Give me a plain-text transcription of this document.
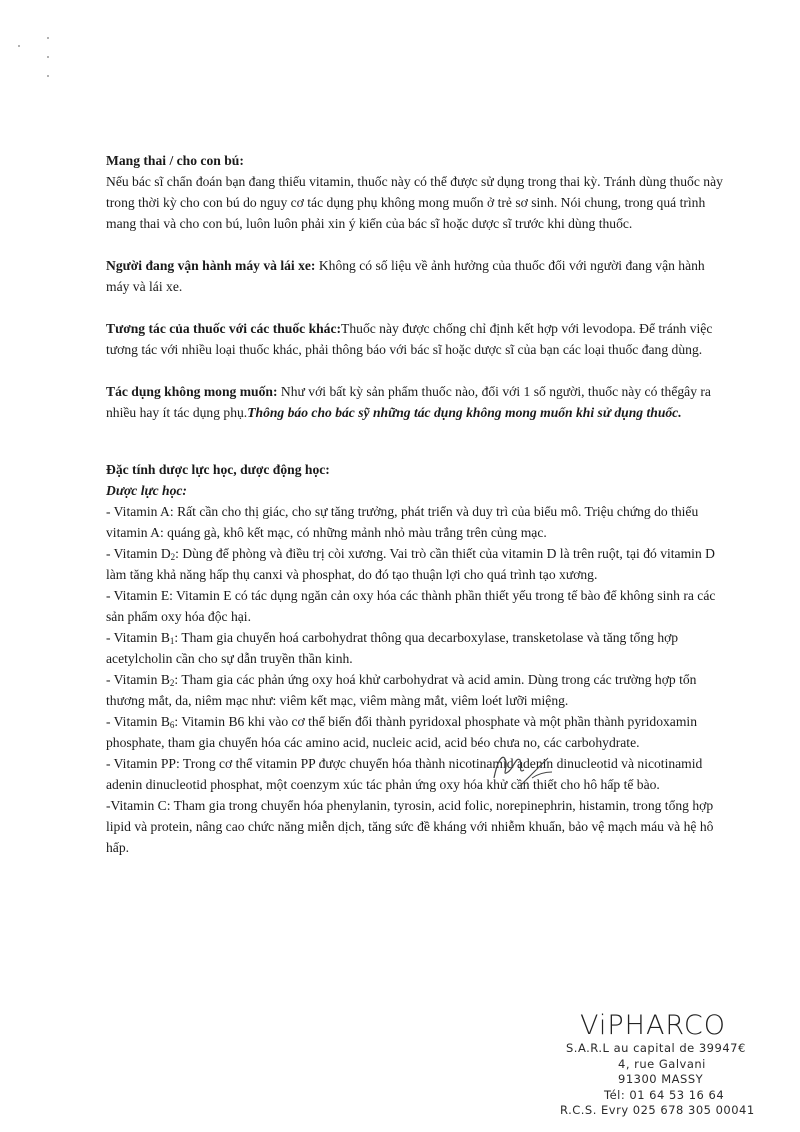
Mang thai / cho con bú:

Nếu bác sĩ chẩn đoán bạn đang thiếu vitamin, thuốc này có thể được sử dụng trong thai kỳ. Tránh dùng thuốc này trong thời kỳ cho con bú do nguy cơ tác dụng phụ không mong muốn ở trẻ sơ sinh. Nói chung, trong quá trình mang thai và cho con bú, luôn luôn phải xin ý kiến của bác sĩ hoặc dược sĩ trước khi dùng thuốc.

Người đang vận hành máy và lái xe: Không có số liệu về ảnh hưởng của thuốc đối với người đang vận hành máy và lái xe.

Tương tác của thuốc với các thuốc khác:Thuốc này được chống chỉ định kết hợp với levodopa. Để tránh việc tương tác với nhiều loại thuốc khác, phải thông báo với bác sĩ hoặc dược sĩ của bạn các loại thuốc đang dùng.

Tác dụng không mong muốn: Như với bất kỳ sản phẩm thuốc nào, đối với 1 số người, thuốc này có thểgây ra nhiều hay ít tác dụng phụ.Thông báo cho bác sỹ những tác dụng không mong muốn khi sử dụng thuốc.

Đặc tính dược lực học, dược động học:

Dược lực học:

- Vitamin A: Rất cần cho thị giác, cho sự tăng trưởng, phát triển và duy trì của biểu mô. Triệu chứng do thiếu vitamin A: quáng gà, khô kết mạc, có những mảnh nhỏ màu trắng trên củng mạc.

- Vitamin $D_2$: Dùng để phòng và điều trị còi xương. Vai trò cần thiết của vitamin D là trên ruột, tại đó vitamin D làm tăng khả năng hấp thụ canxi và phosphat, do đó tạo thuận lợi cho quá trình tạo xương.

- Vitamin E: Vitamin E có tác dụng ngăn cản oxy hóa các thành phần thiết yếu trong tế bào để không sinh ra các sản phẩm oxy hóa độc hại.

- Vitamin $B_1$: Tham gia chuyển hoá carbohydrat thông qua decarboxylase, transketolase và tăng tổng hợp acetylcholin cần cho sự dẫn truyền thần kinh.

- Vitamin $B_2$: Tham gia các phản ứng oxy hoá khử carbohydrat và acid amin. Dùng trong các trường hợp tổn thương mắt, da, niêm mạc như: viêm kết mạc, viêm màng mắt, viêm loét lưỡi miệng.

- Vitamin $B_6$: Vitamin B6 khi vào cơ thể biến đổi thành pyridoxal phosphate và một phần thành pyridoxamin phosphate, tham gia chuyển hóa các amino acid, nucleic acid, acid béo chưa no, các carbohydrate.

- Vitamin PP: Trong cơ thể vitamin PP được chuyển hóa thành nicotinamid adenin dinucleotid và nicotinamid adenin dinucleotid phosphat, một coenzym xúc tác phản ứng oxy hóa khử cần thiết cho hô hấp tế bào.

-Vitamin C: Tham gia trong chuyển hóa phenylanin, tyrosin, acid folic, norepinephrin, histamin, trong tổng hợp lipid và protein, nâng cao chức năng miễn dịch, tăng sức đề kháng với nhiễm khuẩn, bảo vệ mạch máu và hệ hô hấp.

ViPHARCO
S.A.R.L au capital de 39947€
4, rue Galvani
91300 MASSY
Tél: 01 64 53 16 64
R.C.S. Evry 025 678 305 00041
